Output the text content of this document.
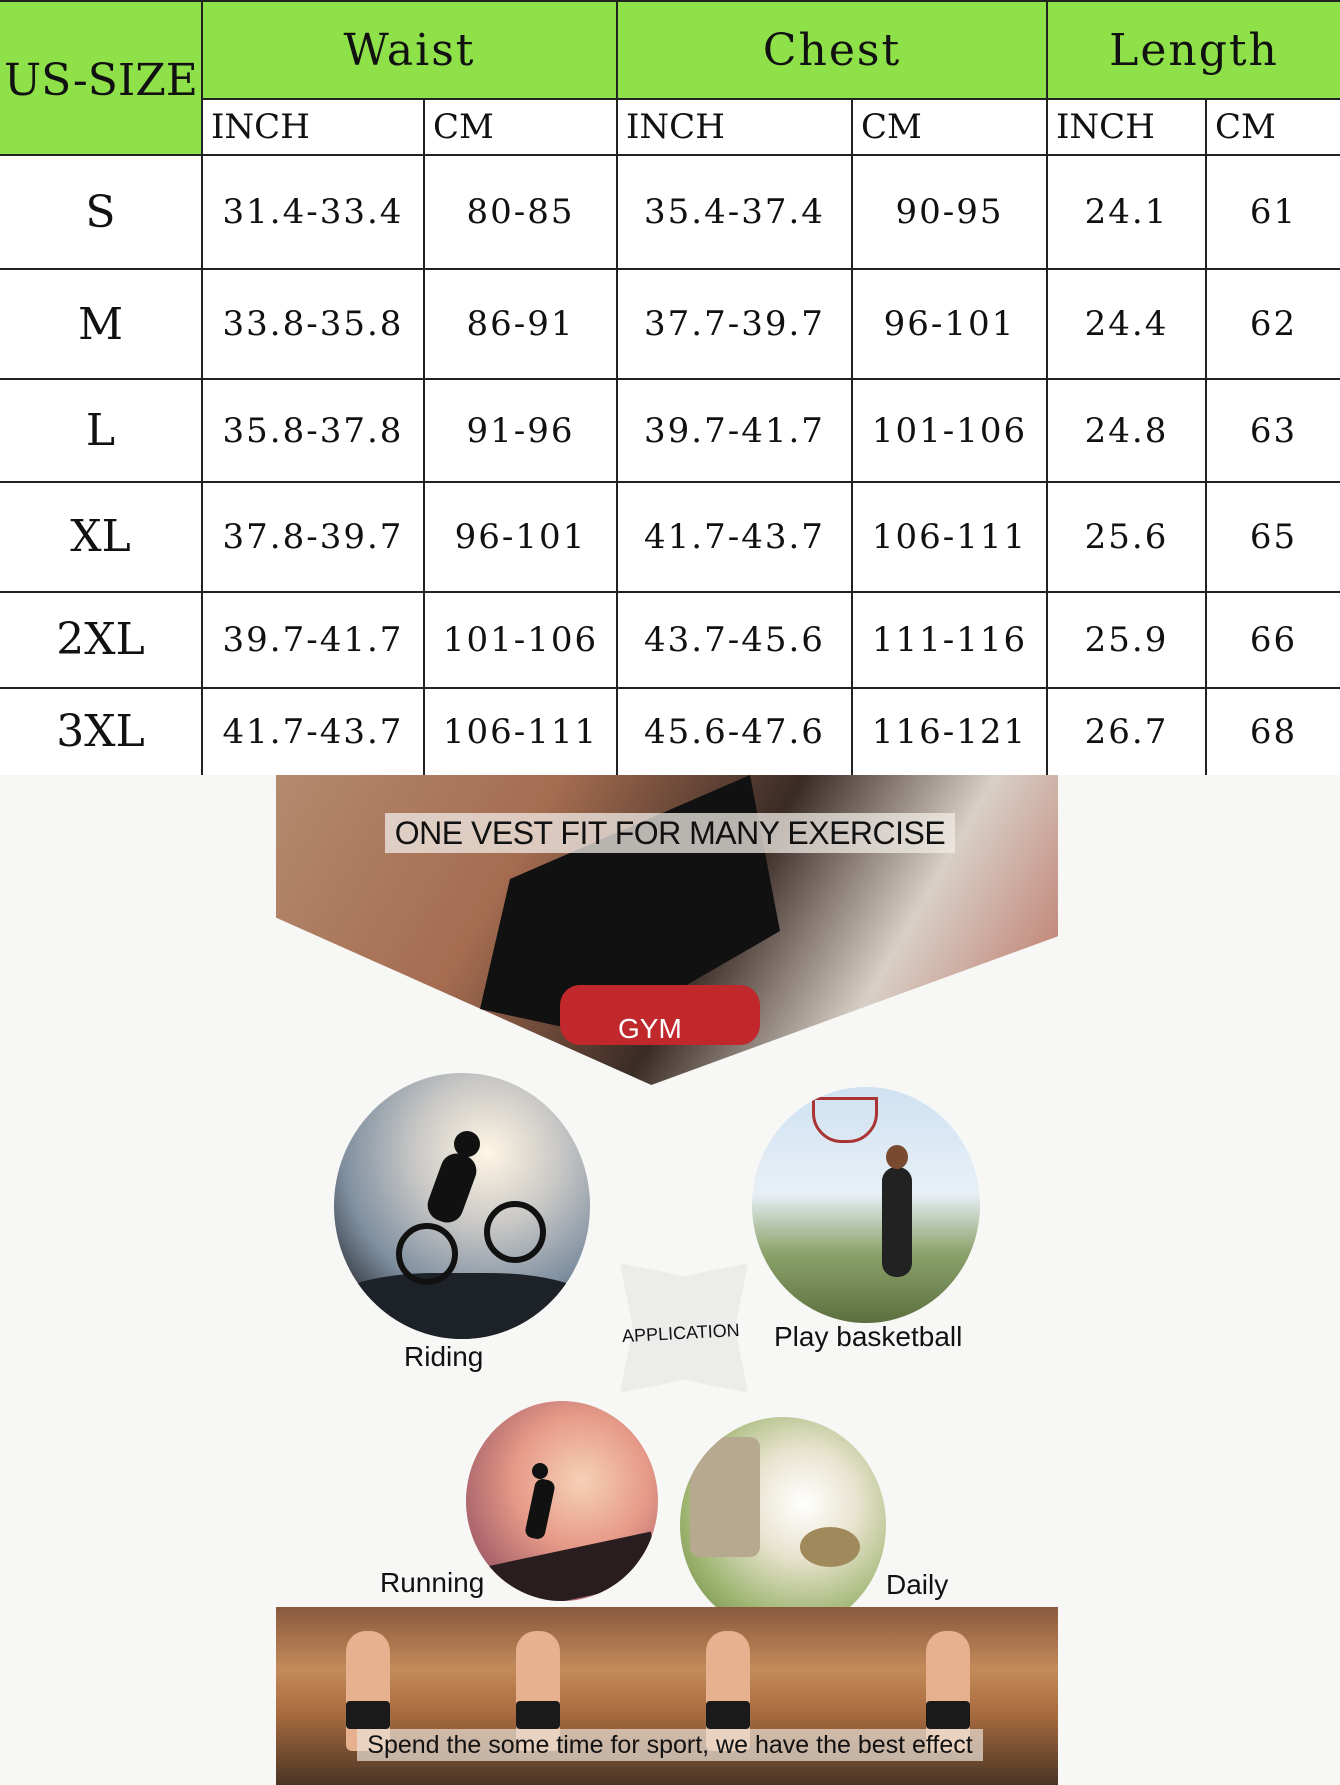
US-SIZE	Waist		Chest		Length	
	INCH	CM	INCH	CM	INCH	CM
S	31.4-33.4	80-85	35.4-37.4	90-95	24.1	61
M	33.8-35.8	86-91	37.7-39.7	96-101	24.4	62
L	35.8-37.8	91-96	39.7-41.7	101-106	24.8	63
XL	37.8-39.7	96-101	41.7-43.7	106-111	25.6	65
2XL	39.7-41.7	101-106	43.7-45.6	111-116	25.9	66
3XL	41.7-43.7	106-111	45.6-47.6	116-121	26.7	68
ONE VEST FIT FOR MANY EXERCISE
GYM
Riding
Play basketball
APPLICATION
Running	Daily
Spend the some time for sport, we have the best effect
